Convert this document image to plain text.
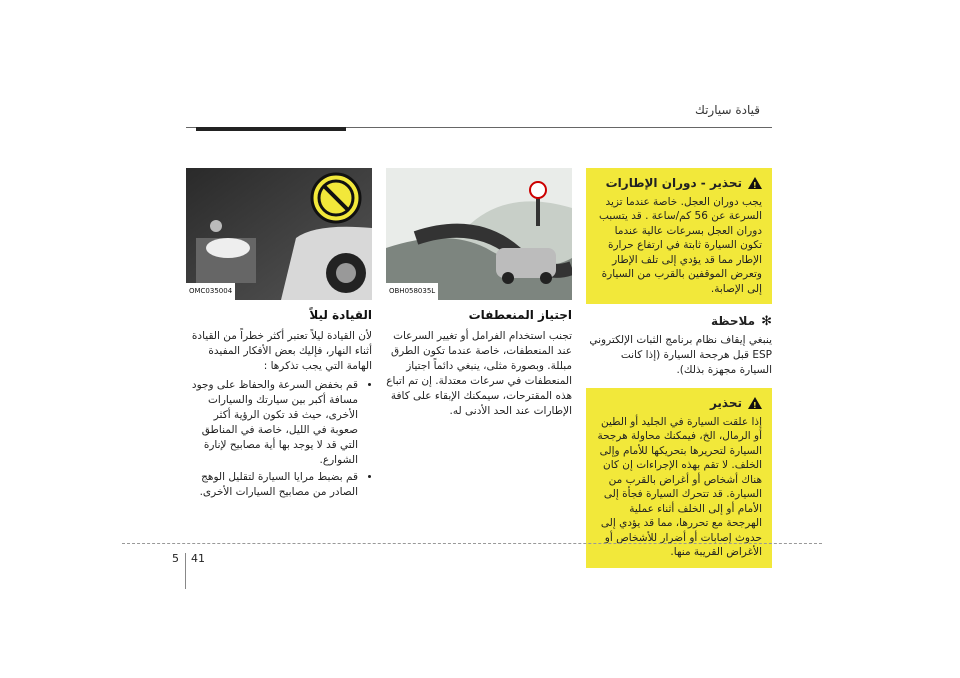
قيادة سيارتك
OMC035004
القيادة ليلاً
لأن القيادة ليلاً تعتبر أكثر خطراً من القيادة أثناء النهار، فإليك بعض الأفكار المفيدة الهامة التي يجب تذكرها :
• قم بخفض السرعة والحفاظ على وجود مسافة أكبر بين سيارتك والسيارات الأخرى، حيث قد تكون الرؤية أكثر صعوبة في الليل، خاصة في المناطق التي قد لا يوجد بها أية مصابيح لإنارة الشوارع.
• قم بضبط مرايا السيارة لتقليل الوهج الصادر من مصابيح السيارات الأخرى.
OBH058035L
اجتياز المنعطفات
تجنب استخدام الفرامل أو تغيير السرعات عند المنعطفات، خاصة عندما تكون الطرق مبللة. وبصورة مثلى، ينبغي دائماً اجتياز المنعطفات في سرعات معتدلة. إن تم اتباع هذه المقترحات، سيمكنك الإبقاء على كافة الإطارات عند الحد الأدنى له.
!
تحذير - دوران الإطارات
يجب دوران العجل. خاصة عندما تزيد السرعة عن 56 كم/ساعة . قد يتسبب دوران العجل بسرعات عالية عندما تكون السيارة ثابتة في ارتفاع حرارة الإطار مما قد يؤدي إلى تلف الإطار وتعرض الموقفين بالقرب من السيارة إلى الإصابة.
✻
ملاحظة
ينبغي إيقاف نظام برنامج الثبات الإلكتروني ESP قبل هرجحة السيارة (إذا كانت السيارة مجهزة بذلك).
!
تحذير
إذا علقت السيارة في الجليد أو الطين أو الرمال، الخ، فيمكنك محاولة هرجحة السيارة لتحريرها بتحريكها للأمام وإلى الخلف. لا تقم بهذه الإجراءات إن كان هناك أشخاص أو أغراض بالقرب من السيارة. قد تتحرك السيارة فجأة إلى الأمام أو إلى الخلف أثناء عملية الهرجحة مع تحررها، مما قد يؤدي إلى حدوث إصابات أو أضرار للأشخاص أو الأغراض القريبة منها.
5 41
